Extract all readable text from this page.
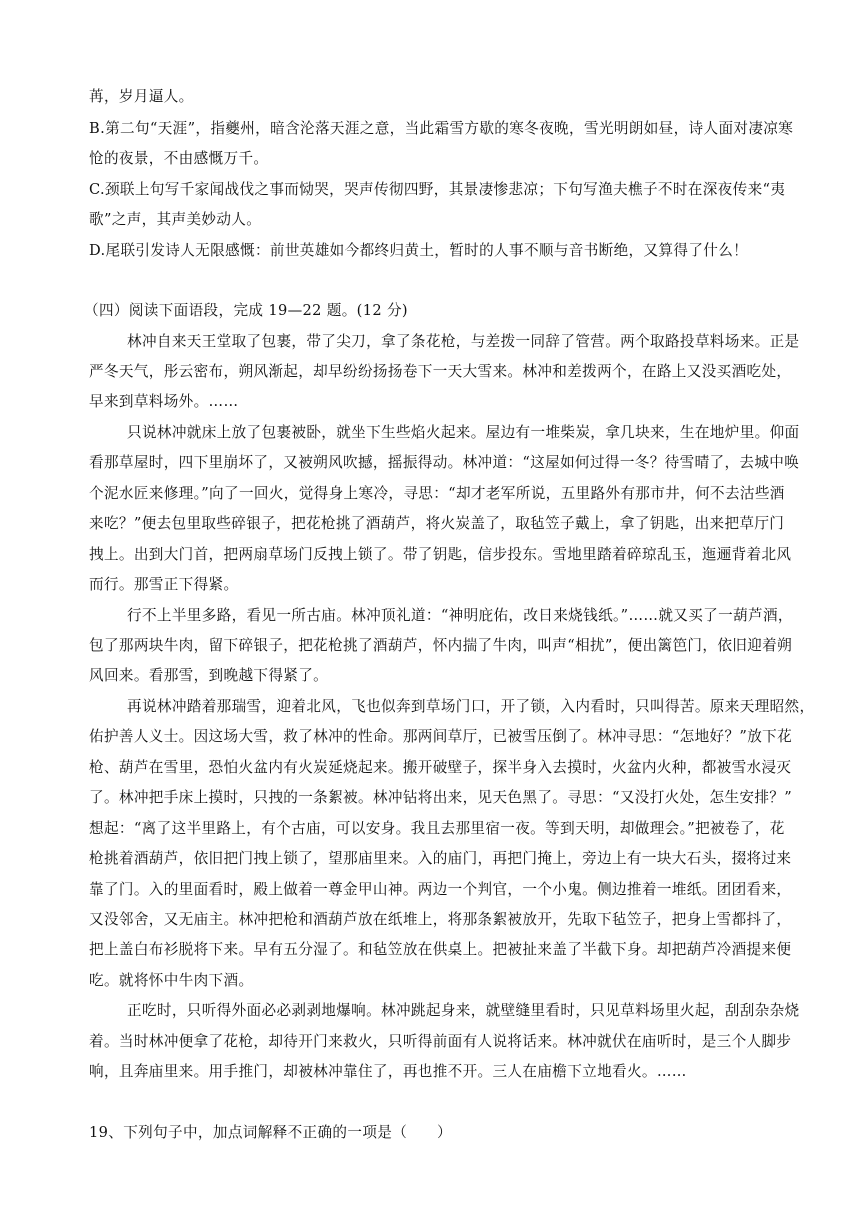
苒，岁月逼人。
B.第二句“天涯”，指夔州，暗含沦落天涯之意，当此霜雪方歇的寒冬夜晚，雪光明朗如昼，诗人面对凄凉寒
怆的夜景，不由感慨万千。
C.颈联上句写千家闻战伐之事而恸哭，哭声传彻四野，其景凄惨悲凉；下句写渔夫樵子不时在深夜传来“夷
歌”之声，其声美妙动人。
D.尾联引发诗人无限感慨：前世英雄如今都终归黄土，暂时的人事不顺与音书断绝，又算得了什么！
（四）阅读下面语段，完成 19—22 题。(12 分)
林冲自来天王堂取了包裹，带了尖刀，拿了条花枪，与差拨一同辞了管营。两个取路投草料场来。正是
严冬天气，彤云密布，朔风渐起，却早纷纷扬扬卷下一天大雪来。林冲和差拨两个，在路上又没买酒吃处，
早来到草料场外。……
只说林冲就床上放了包裹被卧，就坐下生些焰火起来。屋边有一堆柴炭，拿几块来，生在地炉里。仰面
看那草屋时，四下里崩坏了，又被朔风吹撼，摇振得动。林冲道：“这屋如何过得一冬？待雪晴了，去城中唤
个泥水匠来修理。”向了一回火，觉得身上寒冷，寻思：“却才老军所说，五里路外有那市井，何不去沽些酒
来吃？”便去包里取些碎银子，把花枪挑了酒葫芦，将火炭盖了，取毡笠子戴上，拿了钥匙，出来把草厅门
拽上。出到大门首，把两扇草场门反拽上锁了。带了钥匙，信步投东。雪地里踏着碎琼乱玉，迤逦背着北风
而行。那雪正下得紧。
行不上半里多路，看见一所古庙。林冲顶礼道：“神明庇佑，改日来烧钱纸。”……就又买了一葫芦酒，
包了那两块牛肉，留下碎银子，把花枪挑了酒葫芦，怀内揣了牛肉，叫声“相扰”，便出篱笆门，依旧迎着朔
风回来。看那雪，到晚越下得紧了。
再说林冲踏着那瑞雪，迎着北风，飞也似奔到草场门口，开了锁，入内看时，只叫得苦。原来天理昭然，
佑护善人义士。因这场大雪，救了林冲的性命。那两间草厅，已被雪压倒了。林冲寻思：“怎地好？”放下花
枪、葫芦在雪里，恐怕火盆内有火炭延烧起来。搬开破壁子，探半身入去摸时，火盆内火种，都被雪水浸灭
了。林冲把手床上摸时，只拽的一条絮被。林冲钻将出来，见天色黑了。寻思：“又没打火处，怎生安排？”
想起：“离了这半里路上，有个古庙，可以安身。我且去那里宿一夜。等到天明，却做理会。”把被卷了，花
枪挑着酒葫芦，依旧把门拽上锁了，望那庙里来。入的庙门，再把门掩上，旁边上有一块大石头，掇将过来
靠了门。入的里面看时，殿上做着一尊金甲山神。两边一个判官，一个小鬼。侧边推着一堆纸。团团看来，
又没邻舍，又无庙主。林冲把枪和酒葫芦放在纸堆上，将那条絮被放开，先取下毡笠子，把身上雪都抖了，
把上盖白布衫脱将下来。早有五分湿了。和毡笠放在供桌上。把被扯来盖了半截下身。却把葫芦冷酒提来便
吃。就将怀中牛肉下酒。
正吃时，只听得外面必必剥剥地爆响。林冲跳起身来，就壁缝里看时，只见草料场里火起，刮刮杂杂烧
着。当时林冲便拿了花枪，却待开门来救火，只听得前面有人说将话来。林冲就伏在庙听时，是三个人脚步
响，且奔庙里来。用手推门，却被林冲靠住了，再也推不开。三人在庙檐下立地看火。……
19、下列句子中，加点词解释不正确的一项是（　　）
